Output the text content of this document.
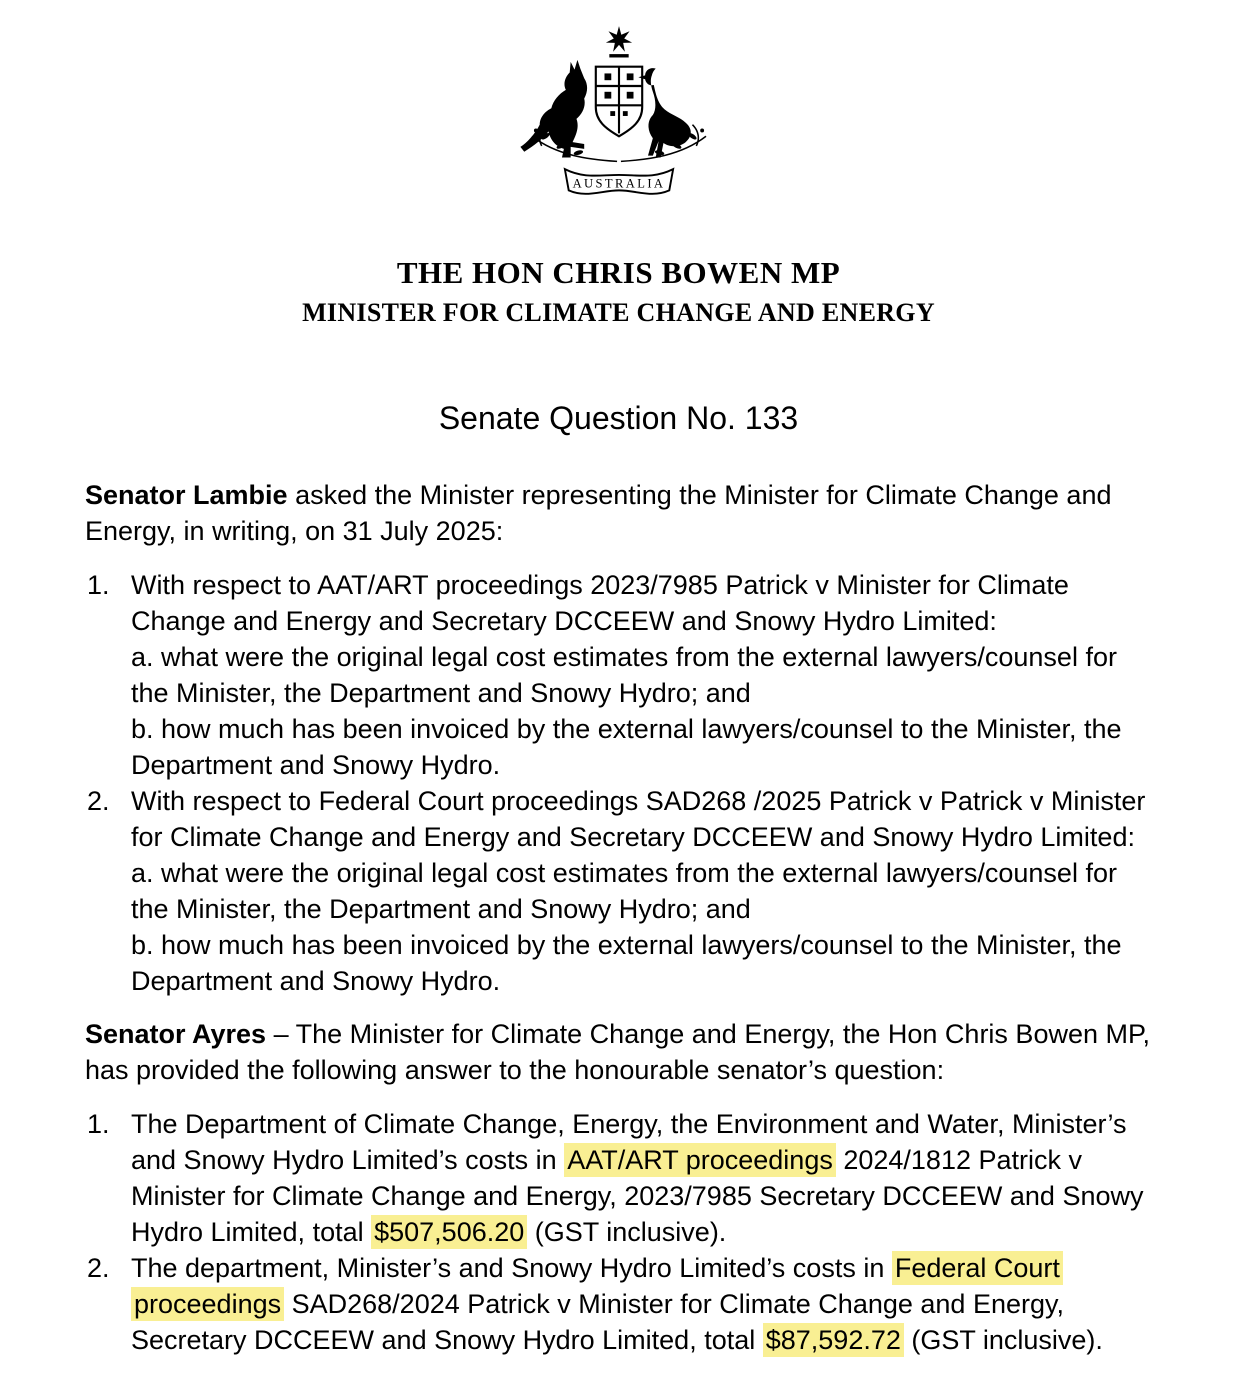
AUSTRALIA
THE HON CHRIS BOWEN MP
MINISTER FOR CLIMATE CHANGE AND ENERGY
Senate Question No. 133

Senator Lambie asked the Minister representing the Minister for Climate Change and Energy, in writing, on 31 July 2025:

With respect to AAT/ART proceedings 2023/7985 Patrick v Minister for Climate Change and Energy and Secretary DCCEEW and Snowy Hydro Limited:
a. what were the original legal cost estimates from the external lawyers/counsel for the Minister, the Department and Snowy Hydro; and
b. how much has been invoiced by the external lawyers/counsel to the Minister, the Department and Snowy Hydro.
With respect to Federal Court proceedings SAD268 /2025 Patrick v Patrick v Minister for Climate Change and Energy and Secretary DCCEEW and Snowy Hydro Limited:
a. what were the original legal cost estimates from the external lawyers/counsel for the Minister, the Department and Snowy Hydro; and
b. how much has been invoiced by the external lawyers/counsel to the Minister, the Department and Snowy Hydro.

Senator Ayres – The Minister for Climate Change and Energy, the Hon Chris Bowen MP, has provided the following answer to the honourable senator’s question:

The Department of Climate Change, Energy, the Environment and Water, Minister’s and Snowy Hydro Limited’s costs in AAT/ART proceedings 2024/1812 Patrick v Minister for Climate Change and Energy, 2023/7985 Secretary DCCEEW and Snowy Hydro Limited, total $507,506.20 (GST inclusive).
The department, Minister’s and Snowy Hydro Limited’s costs in Federal Court proceedings SAD268/2024 Patrick v Minister for Climate Change and Energy, Secretary DCCEEW and Snowy Hydro Limited, total $87,592.72 (GST inclusive).
